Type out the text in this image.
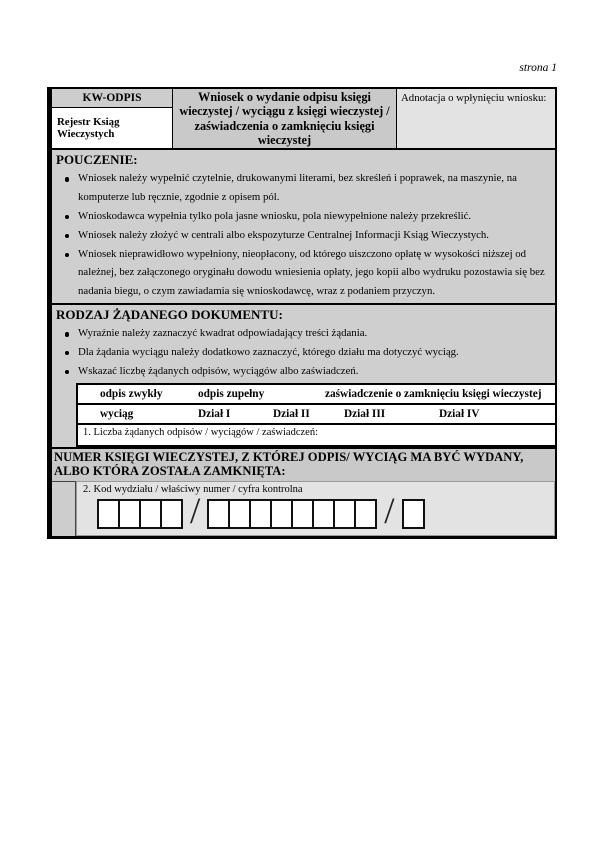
strona 1
KW-ODPIS
Rejestr Ksiąg Wieczystych
Wniosek o wydanie odpisu księgi wieczystej / wyciągu z księgi wieczystej / zaświadczenia o zamknięciu księgi wieczystej
Adnotacja o wpłynięciu wniosku:
POUCZENIE:
Wniosek należy wypełnić czytelnie, drukowanymi literami, bez skreśleń i poprawek, na maszynie, na komputerze lub ręcznie, zgodnie z opisem pól.
Wnioskodawca wypełnia tylko pola jasne wniosku, pola niewypełnione należy przekreślić.
Wniosek należy złożyć w centrali albo ekspozyturze Centralnej Informacji Ksiąg Wieczystych.
Wniosek nieprawidłowo wypełniony, nieopłacony, od którego uiszczono opłatę w wysokości niższej od należnej, bez załączonego oryginału dowodu wniesienia opłaty, jego kopii albo wydruku pozostawia się bez nadania biegu, o czym zawiadamia się wnioskodawcę, wraz z podaniem przyczyn.
RODZAJ ŻĄDANEGO DOKUMENTU:
Wyraźnie należy zaznaczyć kwadrat odpowiadający treści żądania.
Dla żądania wyciągu należy dodatkowo zaznaczyć, którego działu ma dotyczyć wyciąg.
Wskazać liczbę żądanych odpisów, wyciągów albo zaświadczeń.
odpis zwykły	odpis zupełny	zaświadczenie o zamknięciu księgi wieczystej
wyciąg	Dział I	Dział II	Dział III	Dział IV
1. Liczba żądanych odpisów / wyciągów / zaświadczeń:
NUMER KSIĘGI WIECZYSTEJ, Z KTÓREJ ODPIS/ WYCIĄG MA BYĆ WYDANY, ALBO KTÓRA ZOSTAŁA ZAMKNIĘTA:
2. Kod wydziału / właściwy numer / cyfra kontrolna
/	/
